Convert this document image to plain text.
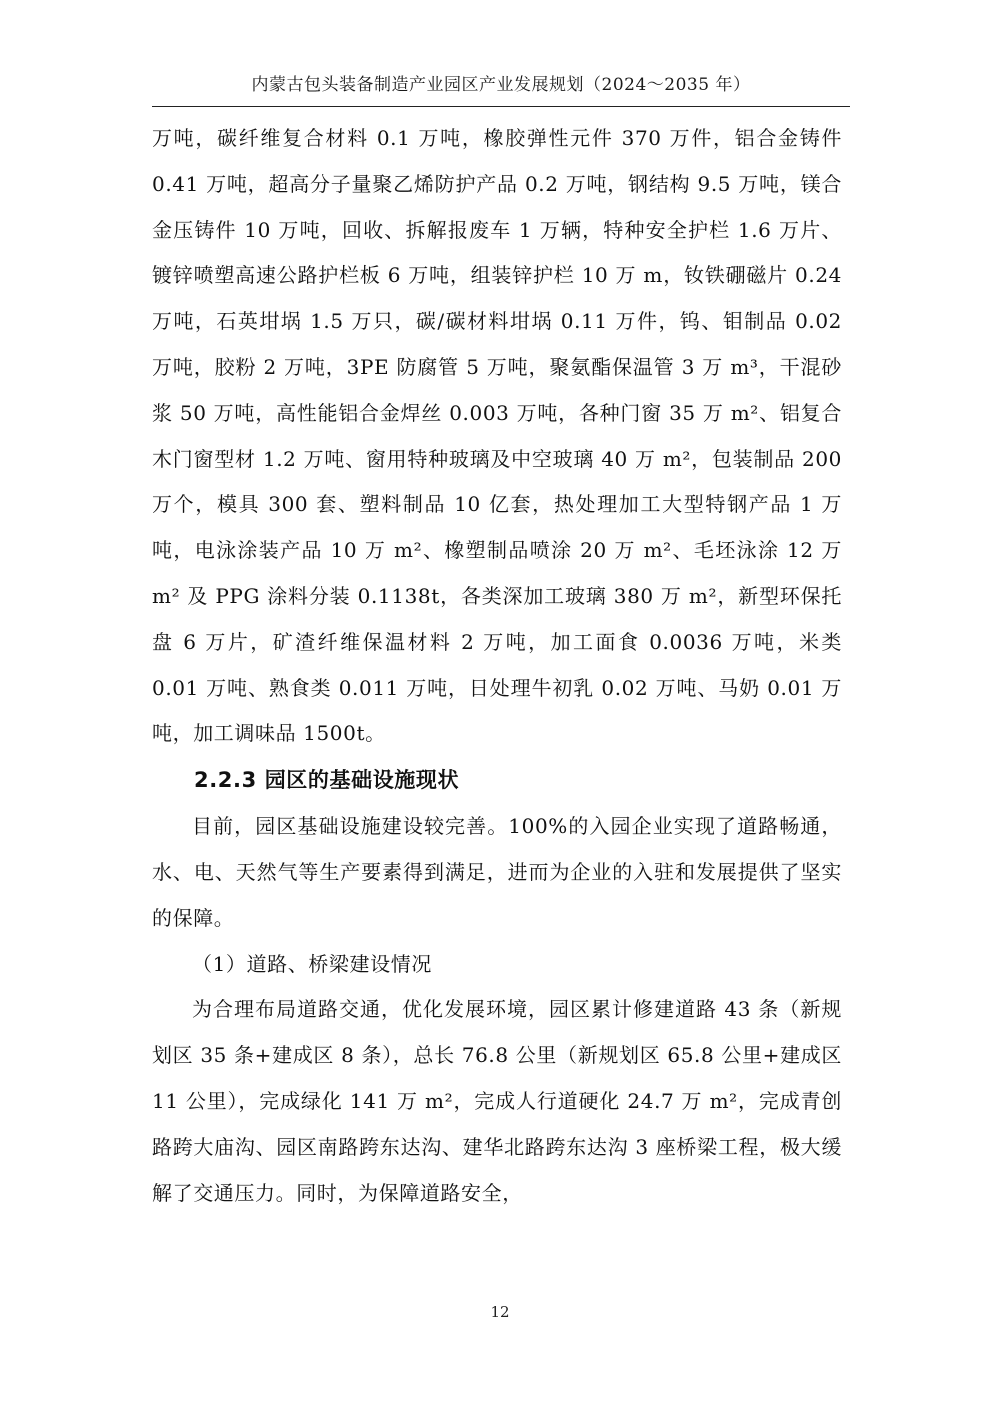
内蒙古包头装备制造产业园区产业发展规划（2024～2035 年）

万吨，碳纤维复合材料 0.1 万吨，橡胶弹性元件 370 万件，铝合金铸件 0.41 万吨，超高分子量聚乙烯防护产品 0.2 万吨，钢结构 9.5 万吨，镁合金压铸件 10 万吨，回收、拆解报废车 1 万辆，特种安全护栏 1.6 万片、镀锌喷塑高速公路护栏板 6 万吨，组装锌护栏 10 万 m，钕铁硼磁片 0.24 万吨，石英坩埚 1.5 万只，碳/碳材料坩埚 0.11 万件，钨、钼制品 0.02 万吨，胶粉 2 万吨，3PE 防腐管 5 万吨，聚氨酯保温管 3 万 m³，干混砂浆 50 万吨，高性能铝合金焊丝 0.003 万吨，各种门窗 35 万 m²、铝复合木门窗型材 1.2 万吨、窗用特种玻璃及中空玻璃 40 万 m²，包装制品 200 万个，模具 300 套、塑料制品 10 亿套，热处理加工大型特钢产品 1 万吨，电泳涂装产品 10 万 m²、橡塑制品喷涂 20 万 m²、毛坯泳涂 12 万 m² 及 PPG 涂料分装 0.1138t，各类深加工玻璃 380 万 m²，新型环保托盘 6 万片，矿渣纤维保温材料 2 万吨，加工面食 0.0036 万吨，米类 0.01 万吨、熟食类 0.011 万吨，日处理牛初乳 0.02 万吨、马奶 0.01 万吨，加工调味品 1500t。

2.2.3 园区的基础设施现状

目前，园区基础设施建设较完善。100%的入园企业实现了道路畅通，水、电、天然气等生产要素得到满足，进而为企业的入驻和发展提供了坚实的保障。

（1）道路、桥梁建设情况

为合理布局道路交通，优化发展环境，园区累计修建道路 43 条（新规划区 35 条+建成区 8 条），总长 76.8 公里（新规划区 65.8 公里+建成区 11 公里），完成绿化 141 万 m²，完成人行道硬化 24.7 万 m²，完成青创路跨大庙沟、园区南路跨东达沟、建华北路跨东达沟 3 座桥梁工程，极大缓解了交通压力。同时，为保障道路安全，

12
